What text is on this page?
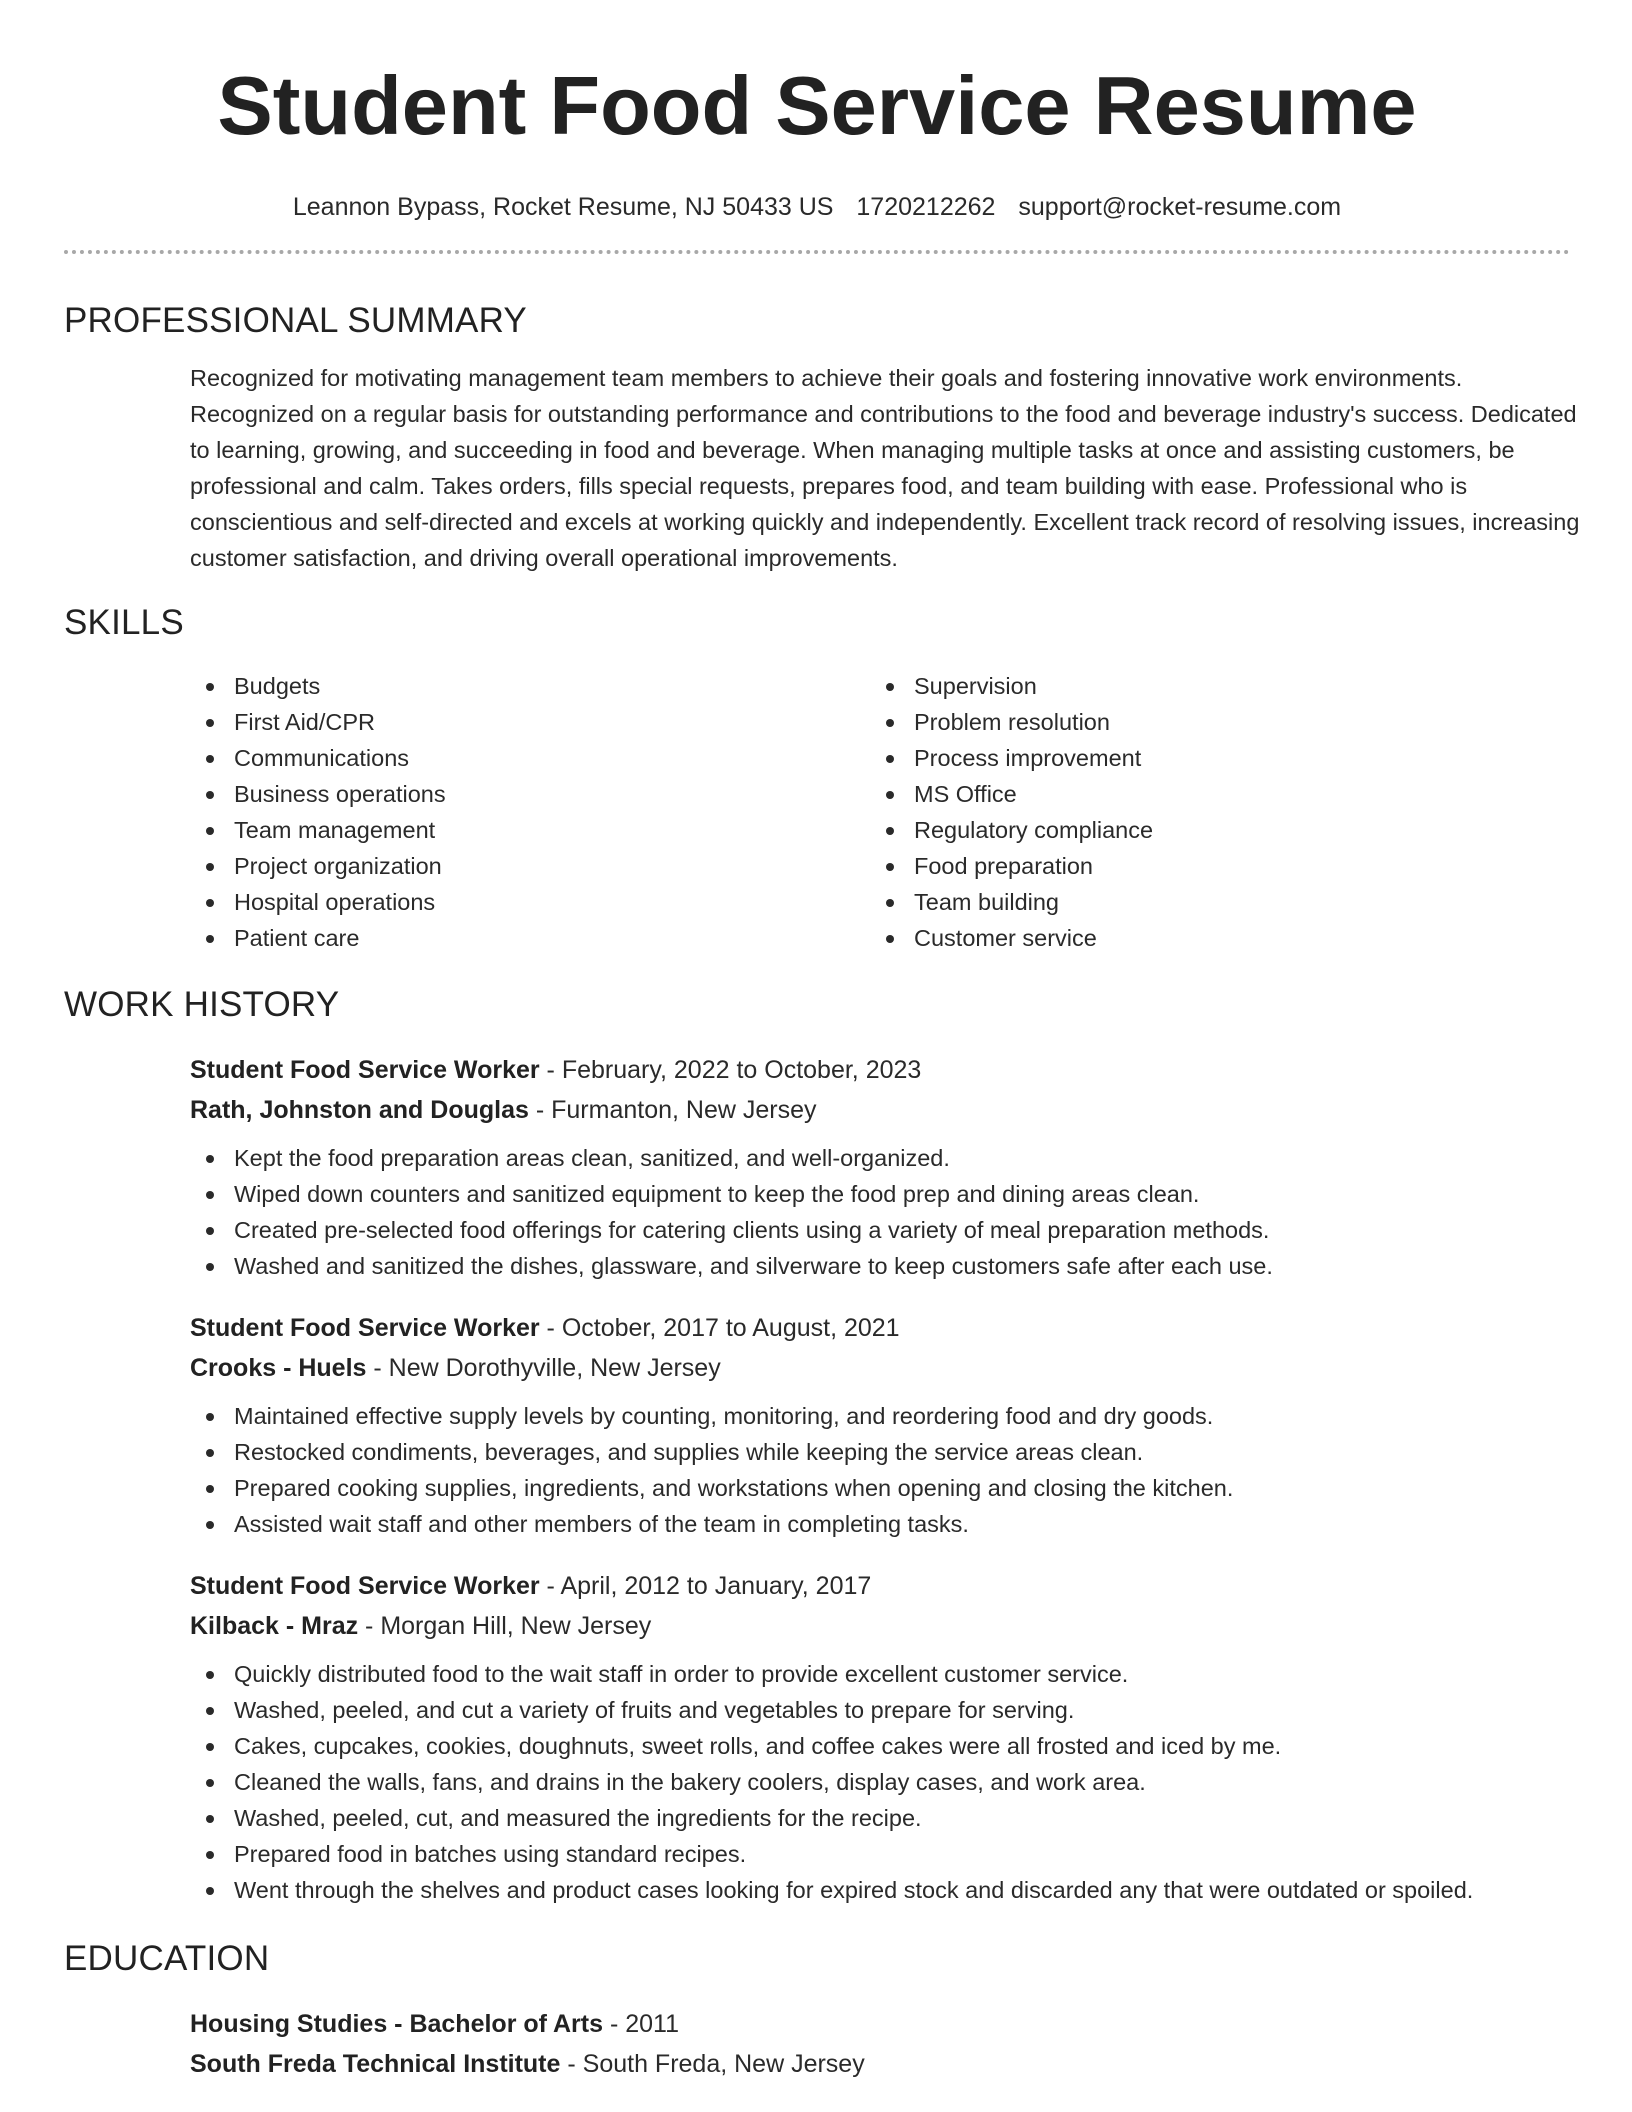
Student Food Service Resume
Leannon Bypass, Rocket Resume, NJ 50433 US 1720212262 support@rocket-resume.com
PROFESSIONAL SUMMARY

Recognized for motivating management team members to achieve their goals and fostering innovative work environments. Recognized on a regular basis for outstanding performance and contributions to the food and beverage industry's success. Dedicated to learning, growing, and succeeding in food and beverage. When managing multiple tasks at once and assisting customers, be professional and calm. Takes orders, fills special requests, prepares food, and team building with ease. Professional who is conscientious and self-directed and excels at working quickly and independently. Excellent track record of resolving issues, increasing customer satisfaction, and driving overall operational improvements.

SKILLS
Budgets
First Aid/CPR
Communications
Business operations
Team management
Project organization
Hospital operations
Patient care
Supervision
Problem resolution
Process improvement
MS Office
Regulatory compliance
Food preparation
Team building
Customer service
WORK HISTORY
Student Food Service Worker - February, 2022 to October, 2023
Rath, Johnston and Douglas - Furmanton, New Jersey
Kept the food preparation areas clean, sanitized, and well-organized.
Wiped down counters and sanitized equipment to keep the food prep and dining areas clean.
Created pre-selected food offerings for catering clients using a variety of meal preparation methods.
Washed and sanitized the dishes, glassware, and silverware to keep customers safe after each use.
Student Food Service Worker - October, 2017 to August, 2021
Crooks - Huels - New Dorothyville, New Jersey
Maintained effective supply levels by counting, monitoring, and reordering food and dry goods.
Restocked condiments, beverages, and supplies while keeping the service areas clean.
Prepared cooking supplies, ingredients, and workstations when opening and closing the kitchen.
Assisted wait staff and other members of the team in completing tasks.
Student Food Service Worker - April, 2012 to January, 2017
Kilback - Mraz - Morgan Hill, New Jersey
Quickly distributed food to the wait staff in order to provide excellent customer service.
Washed, peeled, and cut a variety of fruits and vegetables to prepare for serving.
Cakes, cupcakes, cookies, doughnuts, sweet rolls, and coffee cakes were all frosted and iced by me.
Cleaned the walls, fans, and drains in the bakery coolers, display cases, and work area.
Washed, peeled, cut, and measured the ingredients for the recipe.
Prepared food in batches using standard recipes.
Went through the shelves and product cases looking for expired stock and discarded any that were outdated or spoiled.
EDUCATION
Housing Studies - Bachelor of Arts - 2011
South Freda Technical Institute - South Freda, New Jersey
